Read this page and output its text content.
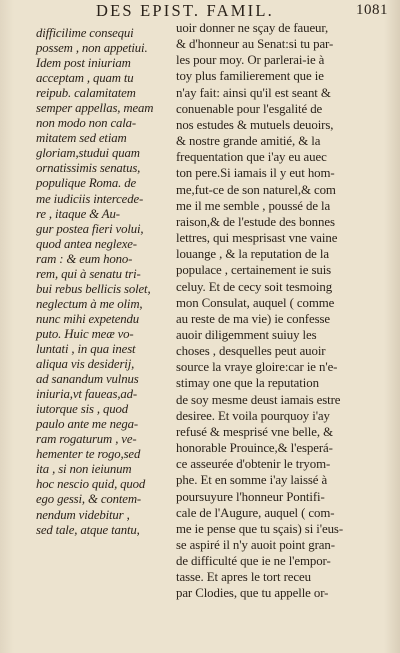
DES EPIST. FAMIL.	1081
difficilime consequi
possem , non appetiui.
Idem post iniuriam
acceptam , quam tu
reipub. calamitatem
semper appellas, meam
non modo non cala-
mitatem sed etiam
gloriam,studui quam
ornatissimis senatus,
populique Roma. de
me iudiciis intercede-
re , itaque & Au-
gur postea fieri volui,
quod antea neglexe-
ram : & eum hono-
rem, qui à senatu tri-
bui rebus bellicis solet,
neglectum à me olim,
nunc mihi expetendu
puto. Huic meæ vo-
luntati , in qua inest
aliqua vis desiderij,
ad sanandum vulnus
iniuria,vt faueas,ad-
iutorque sis , quod
paulo ante me nega-
ram rogaturum , ve-
hementer te rogo,sed
ita , si non ieiunum
hoc nescio quid, quod
ego gessi, & contem-
nendum videbitur ,
sed tale, atque tantu,
uoir donner ne sçay de faueur,
& d'honneur au Senat:si tu par-
les pour moy. Or parlerai-ie à
toy plus familierement que ie
n'ay fait: ainsi qu'il est seant &
conuenable pour l'esgalité de
nos estudes & mutuels deuoirs,
& nostre grande amitié, & la
frequentation que i'ay eu auec
ton pere.Si iamais il y eut hom-
me,fut-ce de son naturel,& com
me il me semble , poussé de la
raison,& de l'estude des bonnes
lettres, qui mesprisast vne vaine
louange , & la reputation de la
populace , certainement ie suis
celuy. Et de cecy soit tesmoing
mon Consulat, auquel ( comme
au reste de ma vie) ie confesse
auoir diligemment suiuy les
choses , desquelles peut auoir
source la vraye gloire:car ie n'e-
stimay one que la reputation
de soy mesme deust iamais estre
desiree. Et voila pourquoy i'ay
refusé & mesprisé vne belle, &
honorable Prouince,& l'esperá-
ce asseurée d'obtenir le tryom-
phe. Et en somme i'ay laissé à
poursuyure l'honneur Pontifi-
cale de l'Augure, auquel ( com-
me ie pense que tu sçais) si i'eus-
se aspiré il n'y auoit point gran-
de difficulté que ie ne l'empor-
tasse. Et apres le tort receu
par Clodies, que tu appelle or-
